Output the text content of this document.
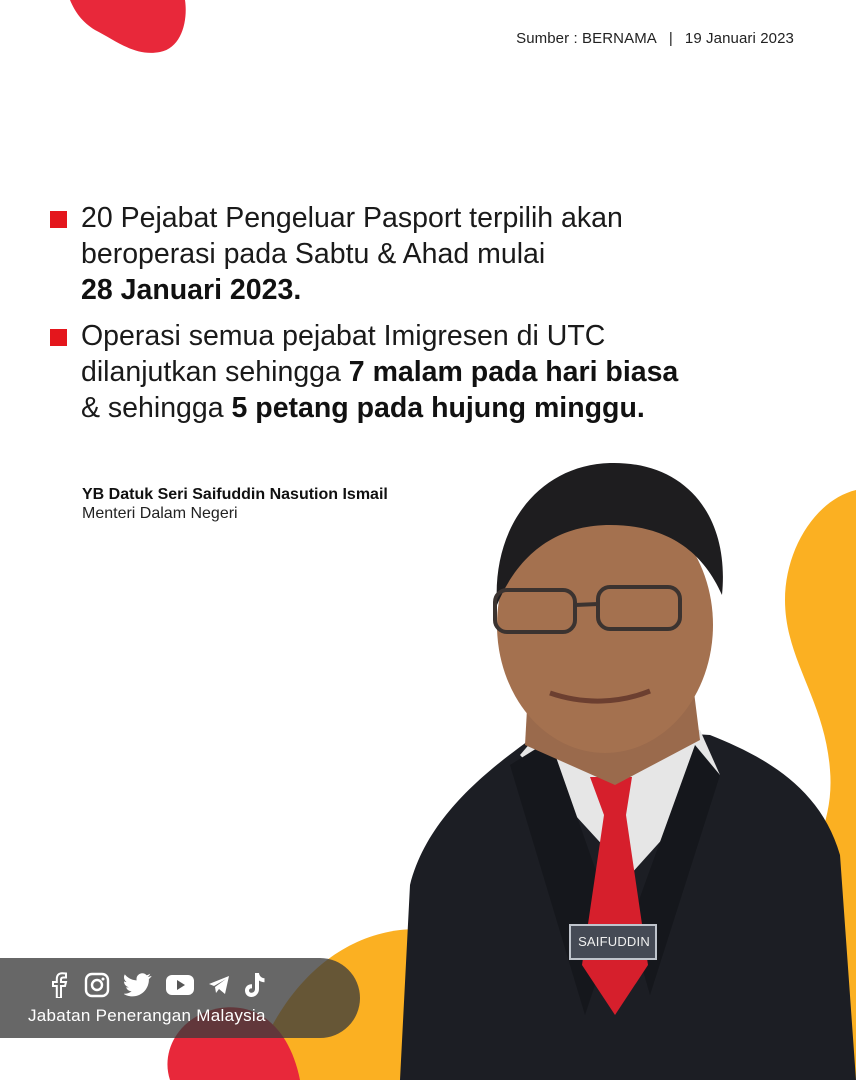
SAIFUDDIN
Sumber : BERNAMA | 19 Januari 2023
20 Pejabat Pengeluar Pasport terpilih akan
beroperasi pada Sabtu & Ahad mulai
28 Januari 2023.
Operasi semua pejabat Imigresen di UTC
dilanjutkan sehingga 7 malam pada hari biasa
& sehingga 5 petang pada hujung minggu.
YB Datuk Seri Saifuddin Nasution Ismail
Menteri Dalam Negeri
Jabatan Penerangan Malaysia
